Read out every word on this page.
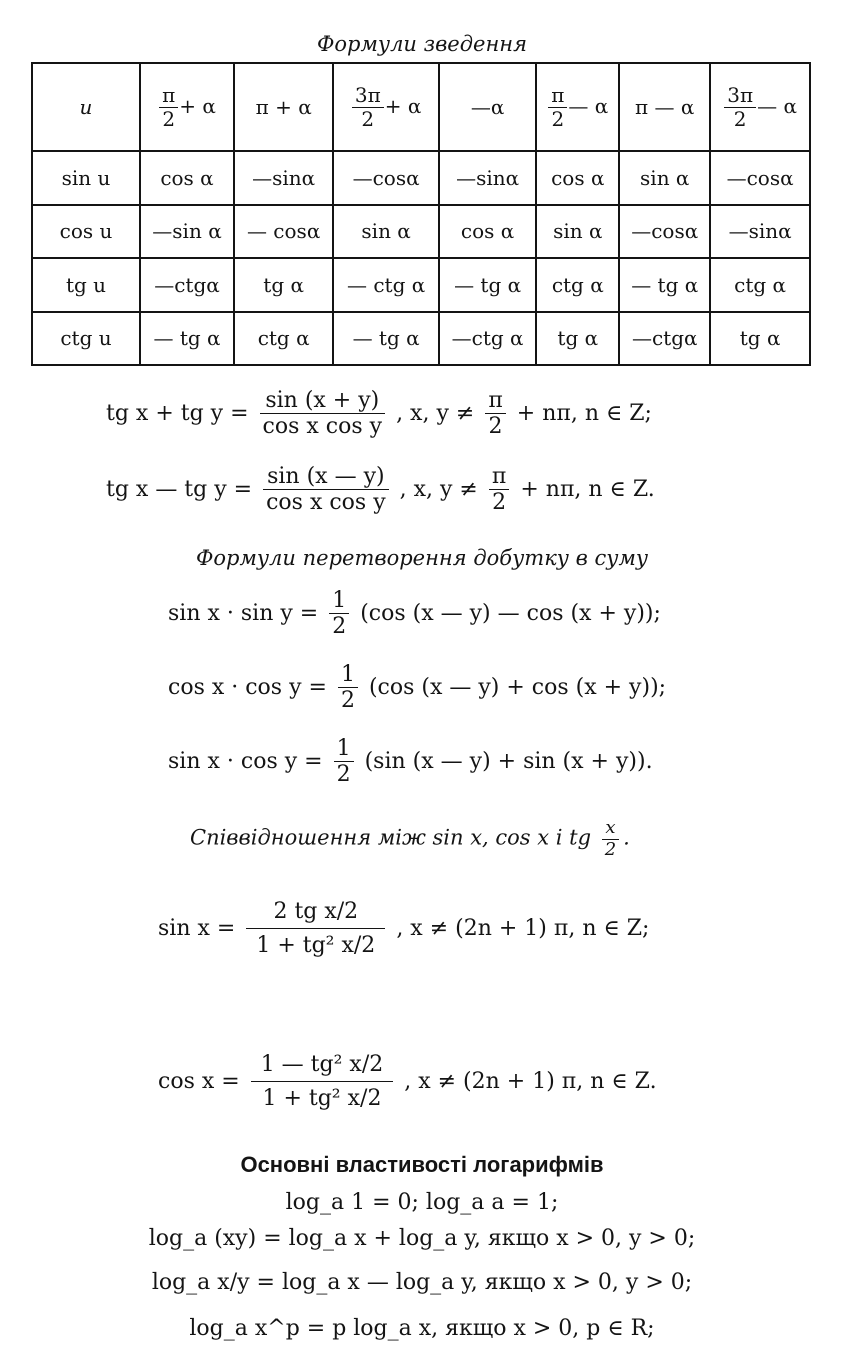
Формули зведення
u	$\frac{\pi}{2} + \alpha$	π + α	$\frac{3\pi}{2} + \alpha$	—α	$\frac{\pi}{2}$ — α	π — α	$\frac{3\pi}{2}$ — α
sin u	cos α	—sinα	—cosα	—sinα	cos α	sin α	—cosα
cos u	—sin α	— cosα	sin α	cos α	sin α	—cosα	—sinα
tg u	—ctgα	tg α	— ctg α	— tg α	ctg α	— tg α	ctg α
ctg u	— tg α	ctg α	— tg α	—ctg α	tg α	—ctgα	tg α
tg x + tg $y = \frac{\sin (x + y)}{\text{cos x cos y}}$ , x, $y \ne \frac{\pi}{2} + n\pi$, n ∈ Z;
tg x — tg $y = \frac{\sin (x — y)}{\text{cos x cos y}}$ , x, $y \ne \frac{\pi}{2} + n\pi$, n ∈ Z.
Формули перетворення добутку в суму
$\sin x \cdot \sin y = \frac{1}{2} (\cos$ (x — y) — cos (x + y));
$\cos x \cdot \cos y = \frac{1}{2} (\cos$ (x — y) + cos (x + y));
$\sin x \cdot \cos y = \frac{1}{2} (\sin$ (x — y) + sin (x + y)).
Співвідношення між sin x, cos x і tg $\frac{x}{2}$ .
$\sin x = \frac{\text{2 tg x/2}}{\text{1 + tg² x/2}}$ , x ≠ (2n + 1) π, n ∈ Z;
$\cos x = \frac{\text{1 — tg² x/2}}{\text{1 + tg² x/2}}$ , x ≠ (2n + 1) π, n ∈ Z.
Основні властивості логарифмів
log_a 1 = 0; log_a a = 1;
log_a (xy) = log_a x + log_a y, якщо x > 0, y > 0;
log_a x/y = log_a x — log_a y, якщо x > 0, y > 0;
log_a x^p = p log_a x, якщо x > 0, p ∈ R;
